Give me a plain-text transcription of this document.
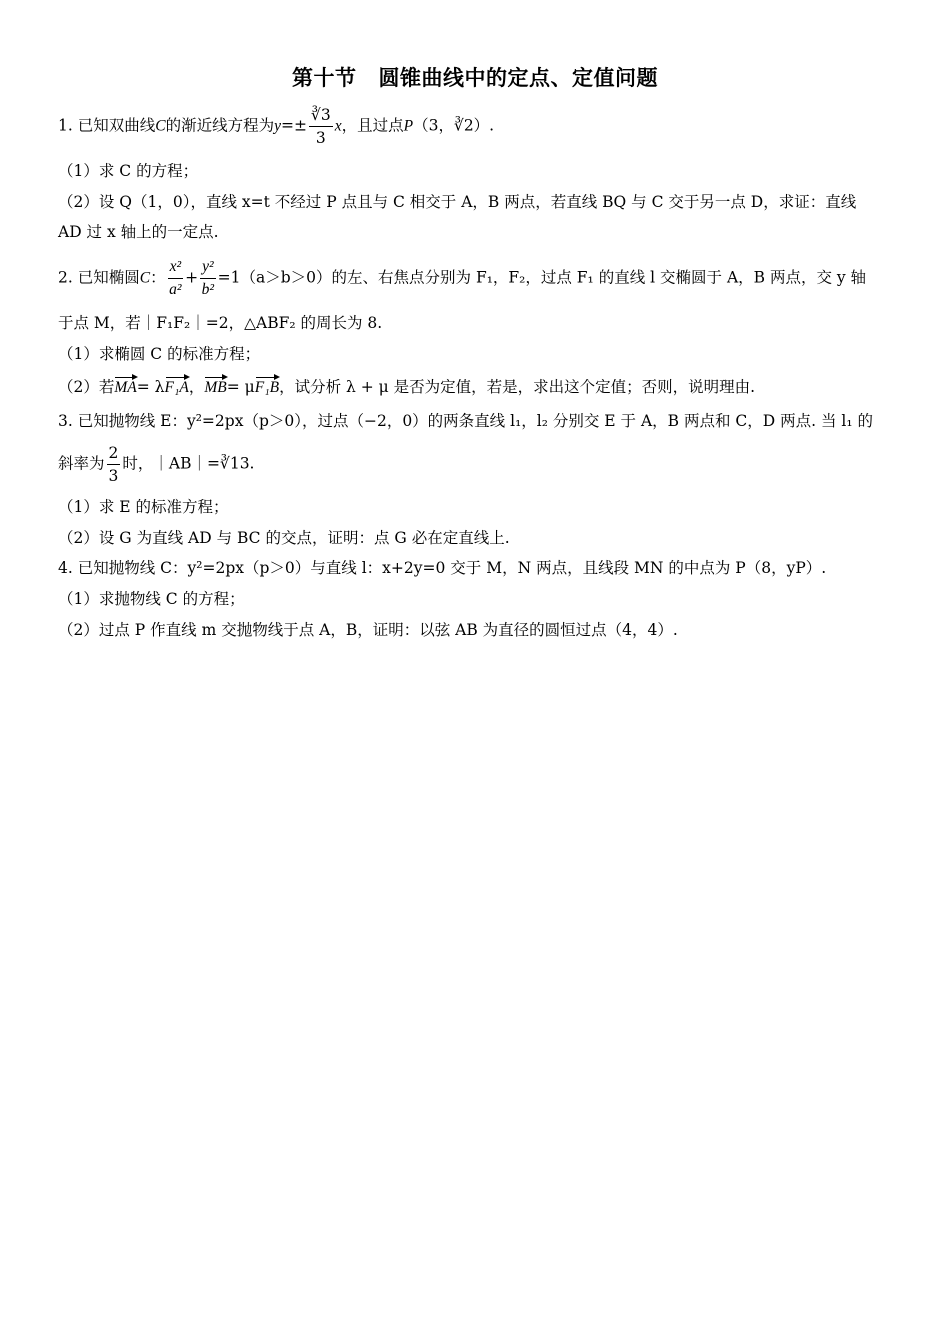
第十节 圆锥曲线中的定点、定值问题
1. 已知双曲线C的渐近线方程为$y=\pm \frac{∛3}{3}$ x，且过点P（3，∛2）.
（1）求 C 的方程；
（2）设 Q（1，0），直线 x=t 不经过 P 点且与 C 相交于 A，B 两点，若直线 BQ 与 C 交于另一点 D，求证：直线
AD 过 x 轴上的一定点.
2. 已知椭圆C： $\frac{\text{x²}}{\text{a²}} + \frac{\text{y²}}{\text{b²}} =1(a>b>0)$的左、右焦点分别为 F₁，F₂，过点 F₁ 的直线 l 交椭圆于 A，B 两点，交 y 轴
于点 M，若｜F₁F₂｜=2，△ABF₂ 的周长为 8.
（1）求椭圆 C 的标准方程；
（2）若MA= λF₁A，MB= μF₁B，试分析 λ + μ 是否为定值，若是，求出这个定值；否则，说明理由.
3. 已知抛物线 E：y²=2px（p＞0），过点（−2，0）的两条直线 l₁，l₂ 分别交 E 于 A，B 两点和 C，D 两点. 当 l₁ 的
斜率为 $\frac{2}{3}$ 时，｜AB｜=∛13.
（1）求 E 的标准方程；
（2）设 G 为直线 AD 与 BC 的交点，证明：点 G 必在定直线上.
4. 已知抛物线 C：y²=2px（p＞0）与直线 l：x+2y=0 交于 M，N 两点，且线段 MN 的中点为 P（8，yP）.
（1）求抛物线 C 的方程；
（2）过点 P 作直线 m 交抛物线于点 A，B，证明：以弦 AB 为直径的圆恒过点（4，4）.
